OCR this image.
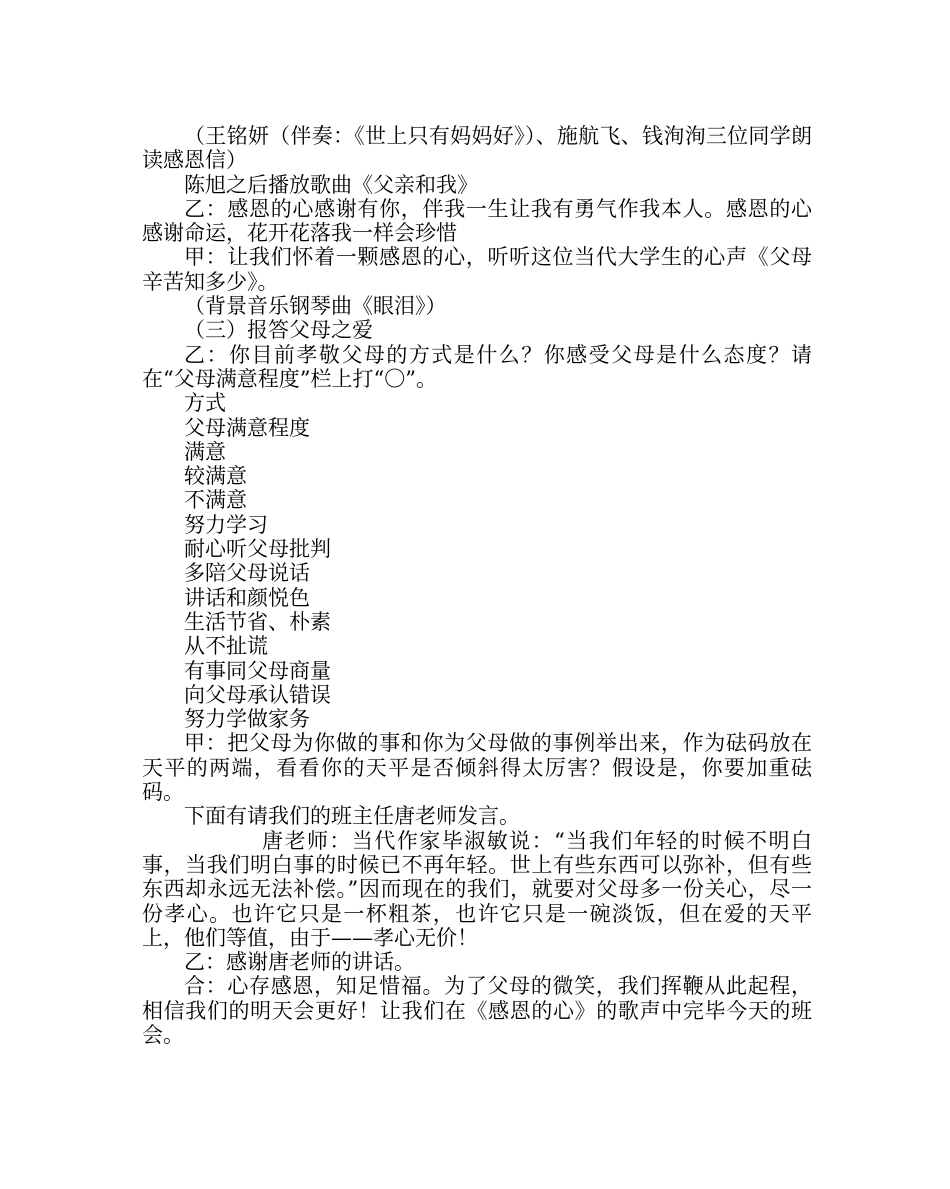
（王铭妍（伴奏：《世上只有妈妈好》）、施航飞、钱洵洵三位同学朗读感恩信）

陈旭之后播放歌曲《父亲和我》

乙：感恩的心感谢有你，伴我一生让我有勇气作我本人。感恩的心感谢命运，花开花落我一样会珍惜

甲：让我们怀着一颗感恩的心，听听这位当代大学生的心声《父母辛苦知多少》。

（背景音乐钢琴曲《眼泪》）

（三）报答父母之爱

乙：你目前孝敬父母的方式是什么？你感受父母是什么态度？请在“父母满意程度”栏上打“〇”。

方式

父母满意程度

满意

较满意

不满意

努力学习

耐心听父母批判

多陪父母说话

讲话和颜悦色

生活节省、朴素

从不扯谎

有事同父母商量

向父母承认错误

努力学做家务

甲：把父母为你做的事和你为父母做的事例举出来，作为砝码放在天平的两端，看看你的天平是否倾斜得太厉害？假设是，你要加重砝码。

下面有请我们的班主任唐老师发言。

唐老师：当代作家毕淑敏说：“当我们年轻的时候不明白事，当我们明白事的时候已不再年轻。世上有些东西可以弥补，但有些东西却永远无法补偿。”因而现在的我们，就要对父母多一份关心，尽一份孝心。也许它只是一杯粗茶，也许它只是一碗淡饭，但在爱的天平上，他们等值，由于——孝心无价！

乙：感谢唐老师的讲话。

合：心存感恩，知足惜福。为了父母的微笑，我们挥鞭从此起程，相信我们的明天会更好！让我们在《感恩的心》的歌声中完毕今天的班会。
